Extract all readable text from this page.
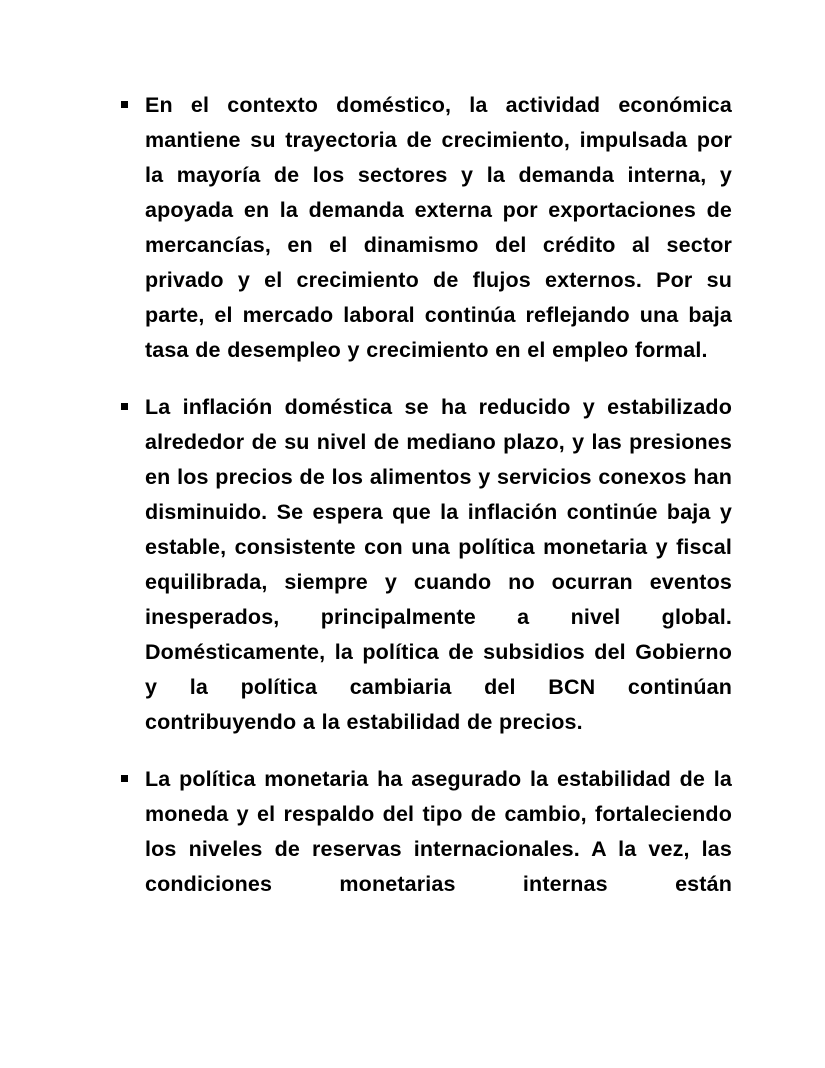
En el contexto doméstico, la actividad económica mantiene su trayectoria de crecimiento, impulsada por la mayoría de los sectores y la demanda interna, y apoyada en la demanda externa por exportaciones de mercancías, en el dinamismo del crédito al sector privado y el crecimiento de flujos externos. Por su parte, el mercado laboral continúa reflejando una baja tasa de desempleo y crecimiento en el empleo formal.
La inflación doméstica se ha reducido y estabilizado alrededor de su nivel de mediano plazo, y las presiones en los precios de los alimentos y servicios conexos han disminuido. Se espera que la inflación continúe baja y estable, consistente con una política monetaria y fiscal equilibrada, siempre y cuando no ocurran eventos inesperados, principalmente a nivel global. Domésticamente, la política de subsidios del Gobierno y la política cambiaria del BCN continúan contribuyendo a la estabilidad de precios.
La política monetaria ha asegurado la estabilidad de la moneda y el respaldo del tipo de cambio, fortaleciendo los niveles de reservas internacionales. A la vez, las condiciones monetarias internas están
